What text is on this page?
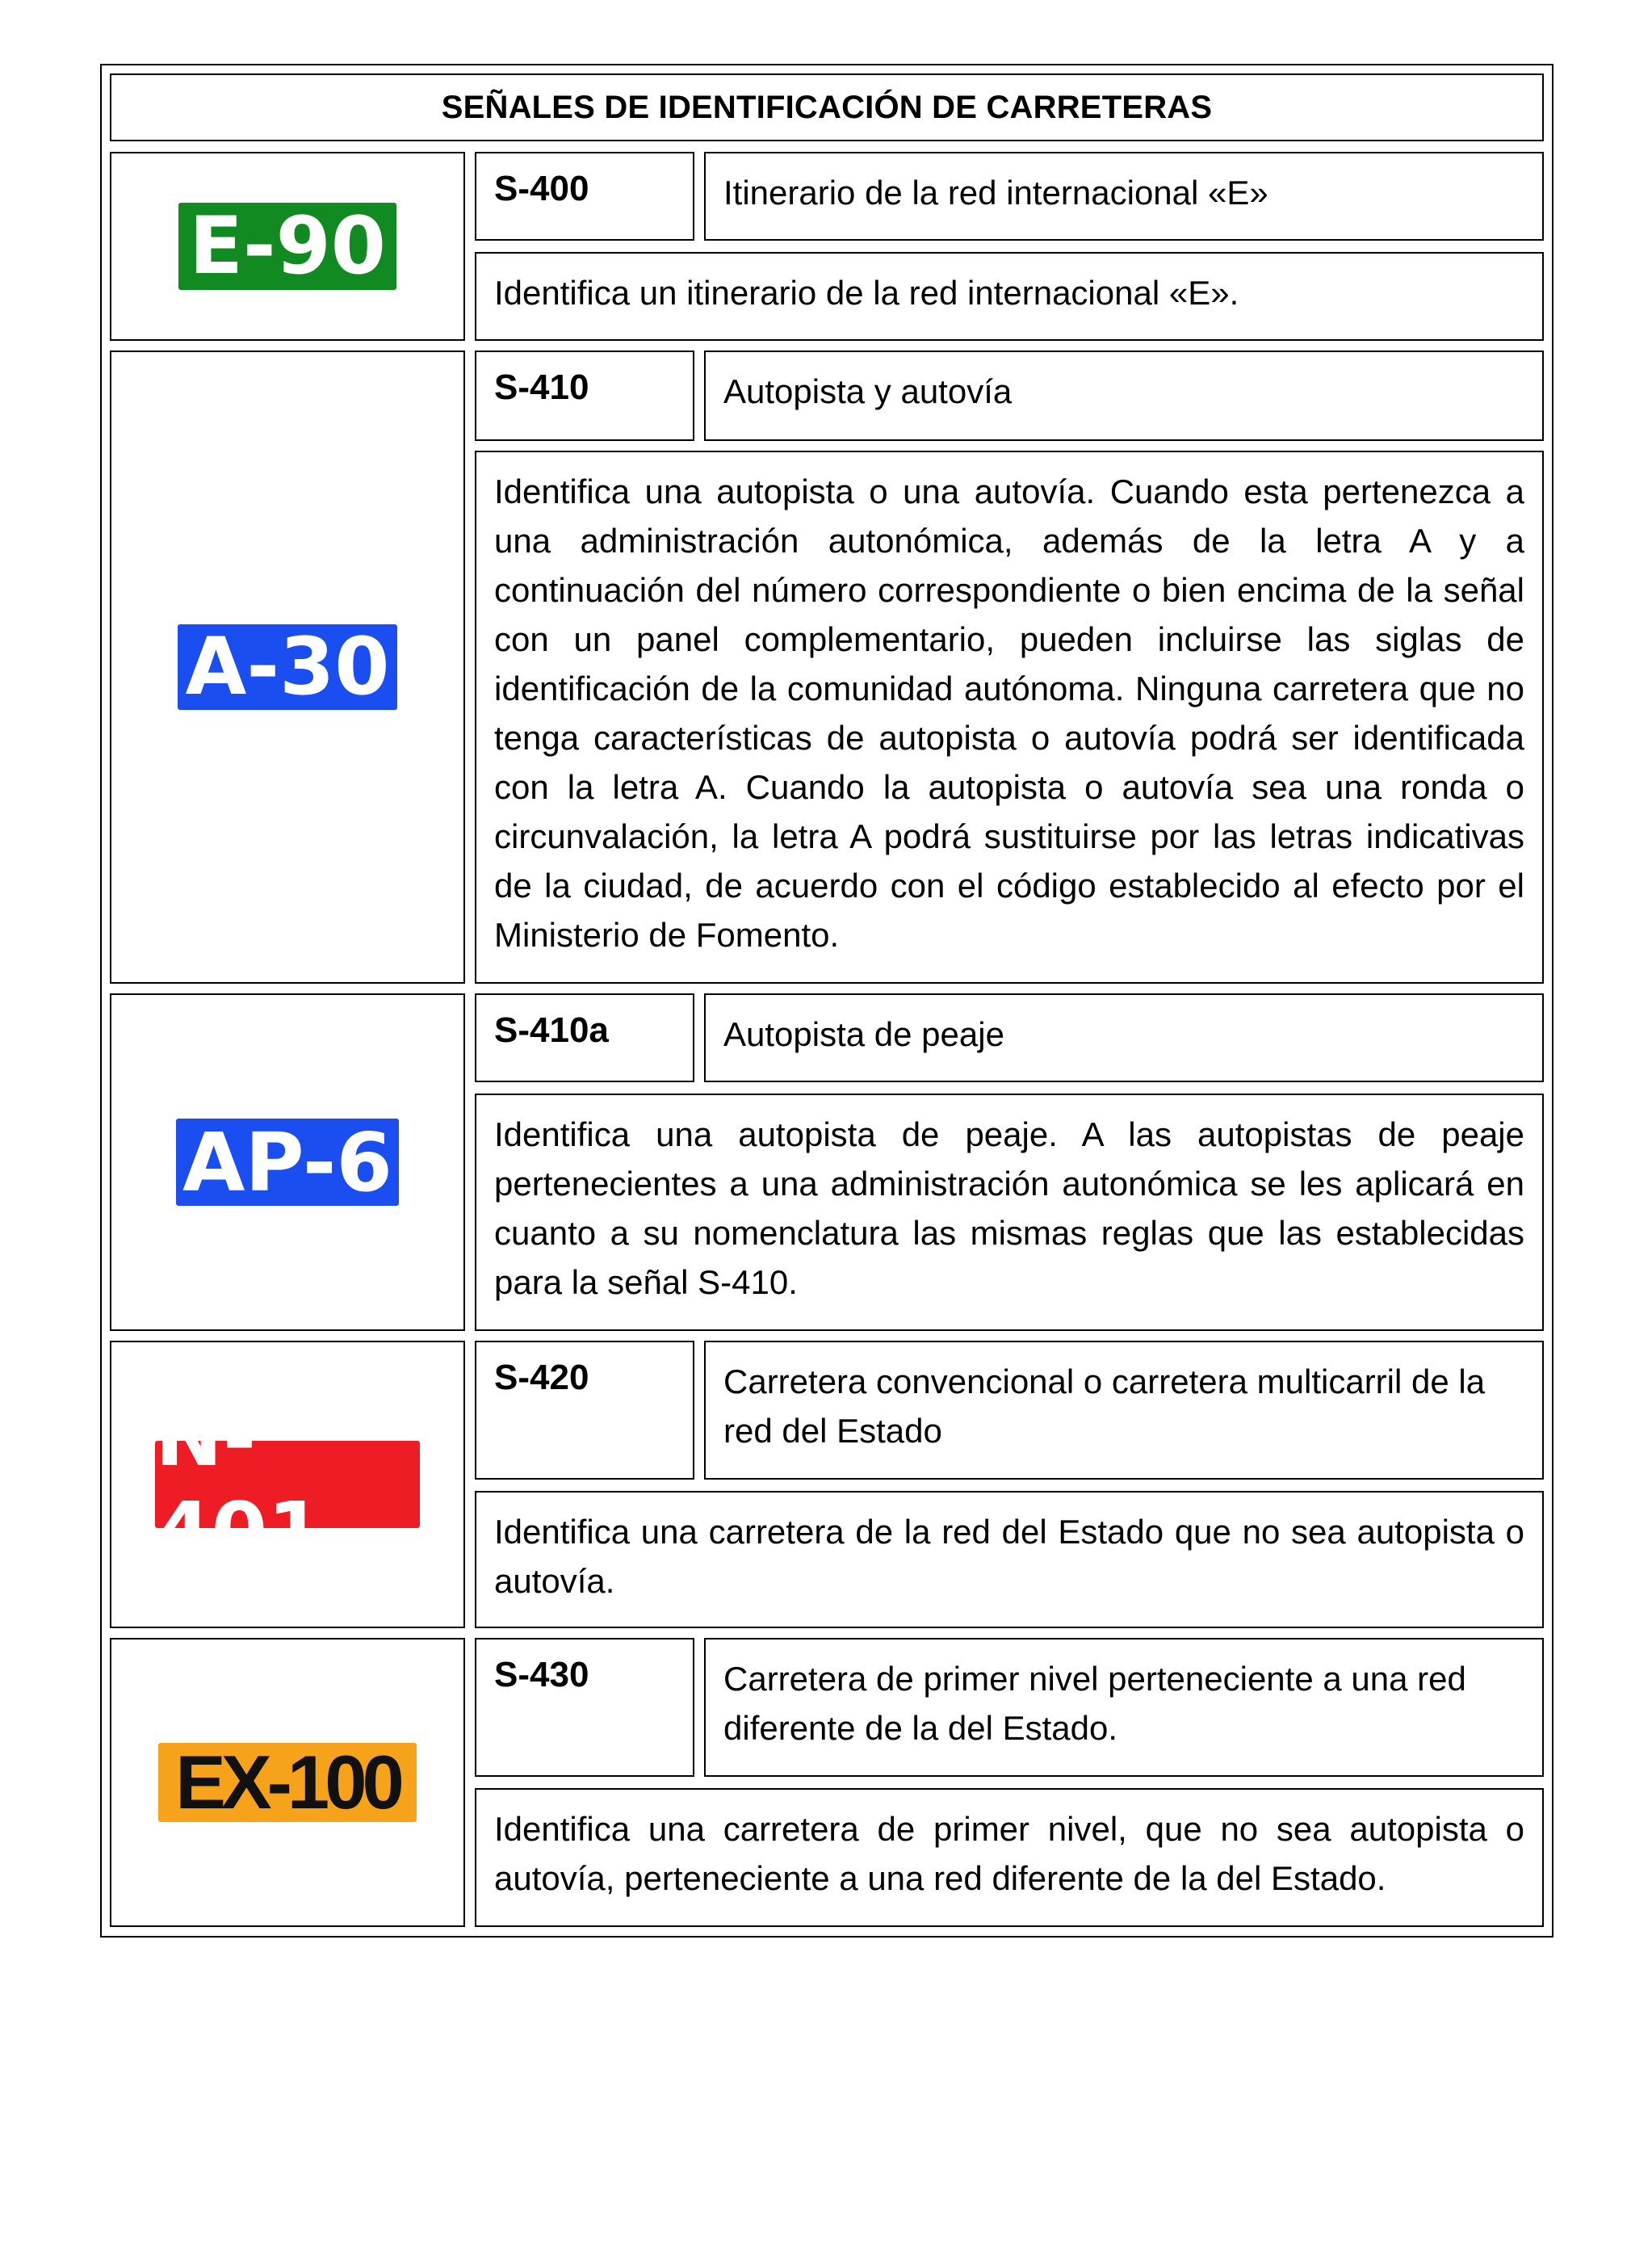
SEÑALES DE IDENTIFICACIÓN DE CARRETERAS
E-90
S-400	Itinerario de la red internacional «E»
Identifica un itinerario de la red internacional «E».
A-30
S-410	Autopista y autovía
Identifica una autopista o una autovía. Cuando esta pertenezca a una administración autonómica, además de la letra A y a continuación del número correspondiente o bien encima de la señal con un panel complementario, pueden incluirse las siglas de identificación de la comunidad autónoma. Ninguna carretera que no tenga características de autopista o autovía podrá ser identificada con la letra A. Cuando la autopista o autovía sea una ronda o circunvalación, la letra A podrá sustituirse por las letras indicativas de la ciudad, de acuerdo con el código establecido al efecto por el Ministerio de Fomento.
AP-6
S-410a	Autopista de peaje
Identifica una autopista de peaje. A las autopistas de peaje pertenecientes a una administración autonómica se les aplicará en cuanto a su nomenclatura las mismas reglas que las establecidas para la señal S-410.
N-401
S-420	Carretera convencional o carretera multicarril de la red del Estado
Identifica una carretera de la red del Estado que no sea autopista o autovía.
EX-100
S-430	Carretera de primer nivel perteneciente a una red diferente de la del Estado.
Identifica una carretera de primer nivel, que no sea autopista o autovía, perteneciente a una red diferente de la del Estado.
